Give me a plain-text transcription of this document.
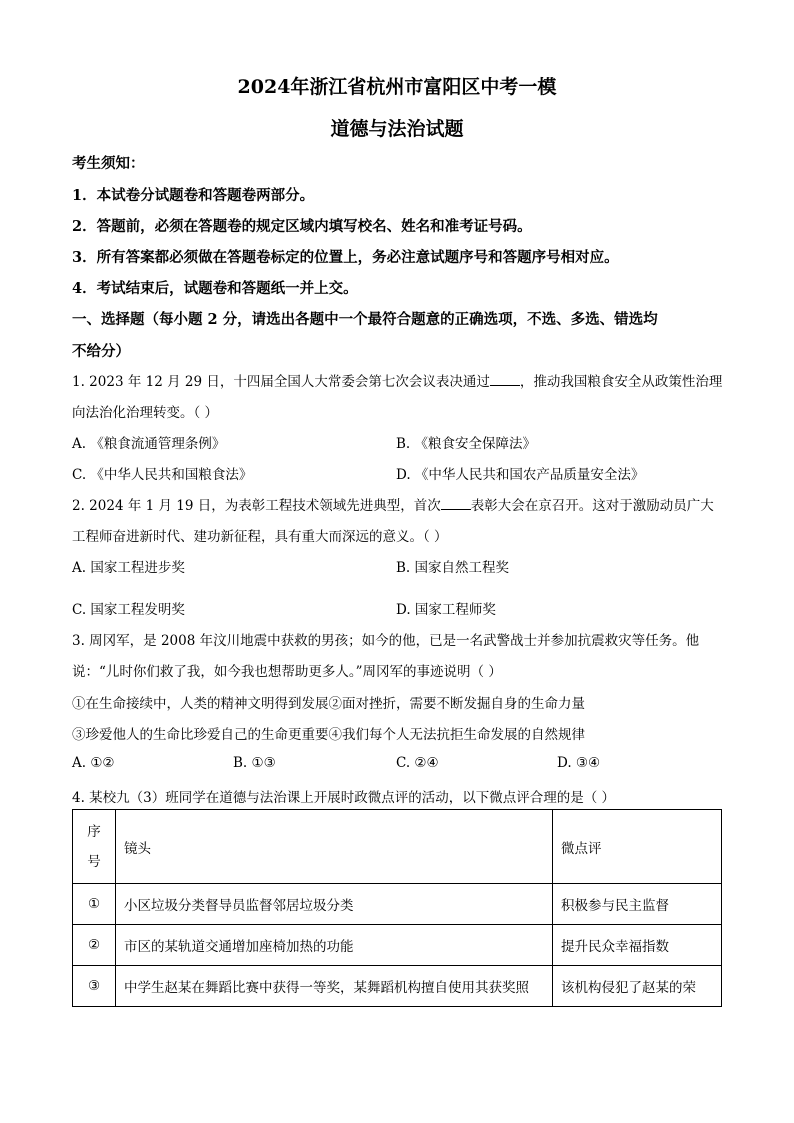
2024年浙江省杭州市富阳区中考一模
道德与法治试题
考生须知：
1．本试卷分试题卷和答题卷两部分。
2．答题前，必须在答题卷的规定区域内填写校名、姓名和准考证号码。
3．所有答案都必须做在答题卷标定的位置上，务必注意试题序号和答题序号相对应。
4．考试结束后，试题卷和答题纸一并上交。
一、选择题（每小题 2 分，请选出各题中一个最符合题意的正确选项，不选、多选、错选均
不给分）
1. 2023 年 12 月 29 日，十四届全国人大常委会第七次会议表决通过 ，推动我国粮食安全从政策性治理
向法治化治理转变。（ ）
A. 《粮食流通管理条例》	B. 《粮食安全保障法》
C. 《中华人民共和国粮食法》	D. 《中华人民共和国农产品质量安全法》
2. 2024 年 1 月 19 日，为表彰工程技术领域先进典型，首次 表彰大会在京召开。这对于激励动员广大
工程师奋进新时代、建功新征程，具有重大而深远的意义。（ ）
A. 国家工程进步奖	B. 国家自然工程奖
C. 国家工程发明奖	D. 国家工程师奖
3. 周冈军，是 2008 年汶川地震中获救的男孩；如今的他，已是一名武警战士并参加抗震救灾等任务。他
说：“儿时你们救了我，如今我也想帮助更多人。”周冈军的事迹说明（ ）
①在生命接续中，人类的精神文明得到发展②面对挫折，需要不断发掘自身的生命力量
③珍爱他人的生命比珍爱自己的生命更重要④我们每个人无法抗拒生命发展的自然规律
A. ①②	B. ①③	C. ②④	D. ③④
4. 某校九（3）班同学在道德与法治课上开展时政微点评的活动，以下微点评合理的是（ ）
序
号	镜头	微点评
①	小区垃圾分类督导员监督邻居垃圾分类	积极参与民主监督
②	市区的某轨道交通增加座椅加热的功能	提升民众幸福指数
③	中学生赵某在舞蹈比赛中获得一等奖，某舞蹈机构擅自使用其获奖照	该机构侵犯了赵某的荣
